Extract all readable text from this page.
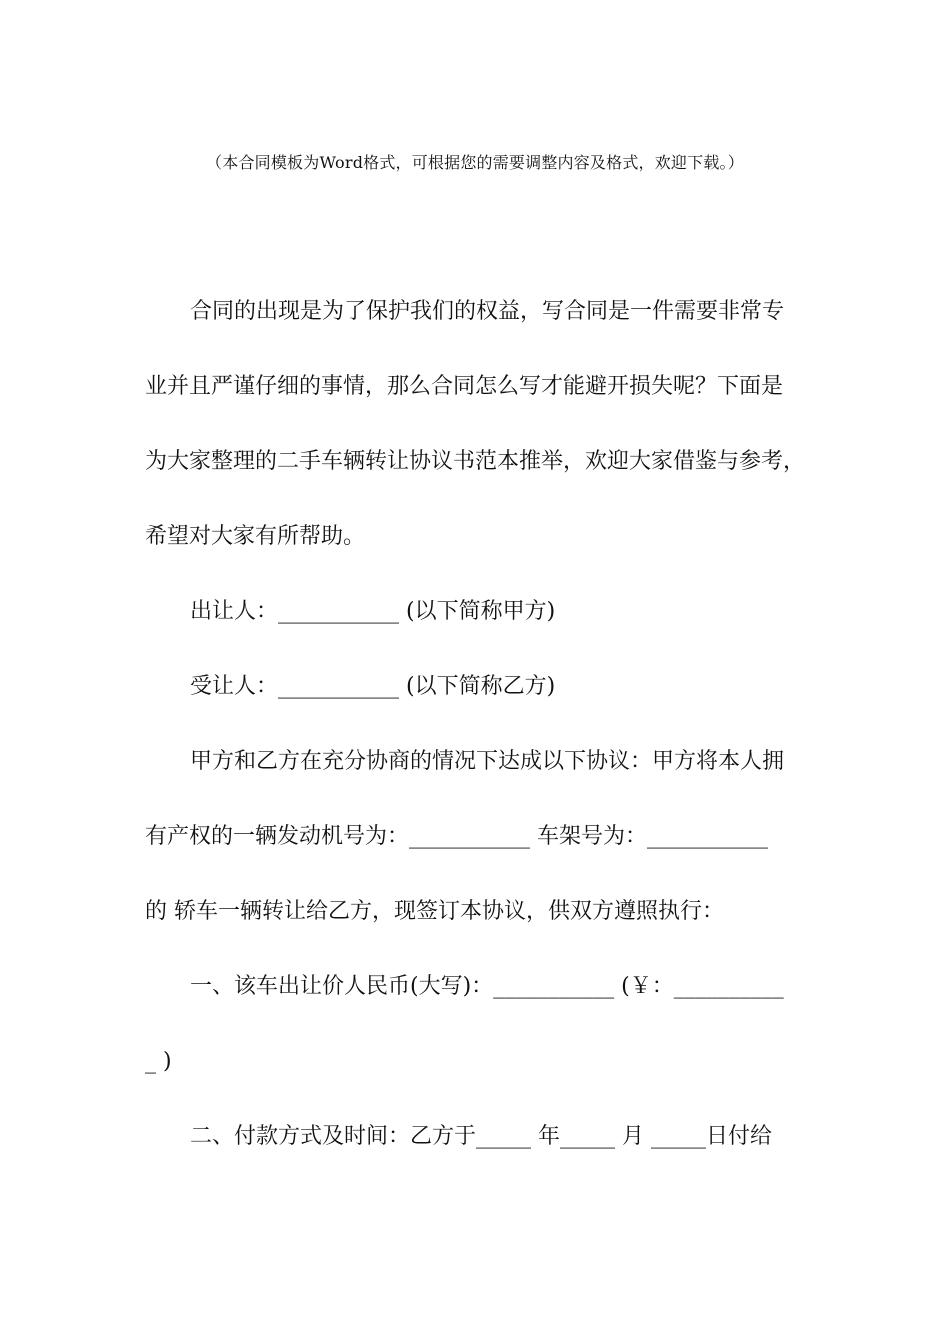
（本合同模板为Word格式，可根据您的需要调整内容及格式，欢迎下载。）
合同的出现是为了保护我们的权益，写合同是一件需要非常专
业并且严谨仔细的事情，那么合同怎么写才能避开损失呢？下面是
为大家整理的二手车辆转让协议书范本推举，欢迎大家借鉴与参考，
希望对大家有所帮助。
出让人：___________ (以下简称甲方)
受让人：___________ (以下简称乙方)
甲方和乙方在充分协商的情况下达成以下协议：甲方将本人拥
有产权的一辆发动机号为：___________ 车架号为：___________
的 轿车一辆转让给乙方，现签订本协议，供双方遵照执行：
一、该车出让价人民币(大写)：___________ (￥：__________
_ )
二、付款方式及时间：乙方于_____ 年_____ 月 _____日付给
